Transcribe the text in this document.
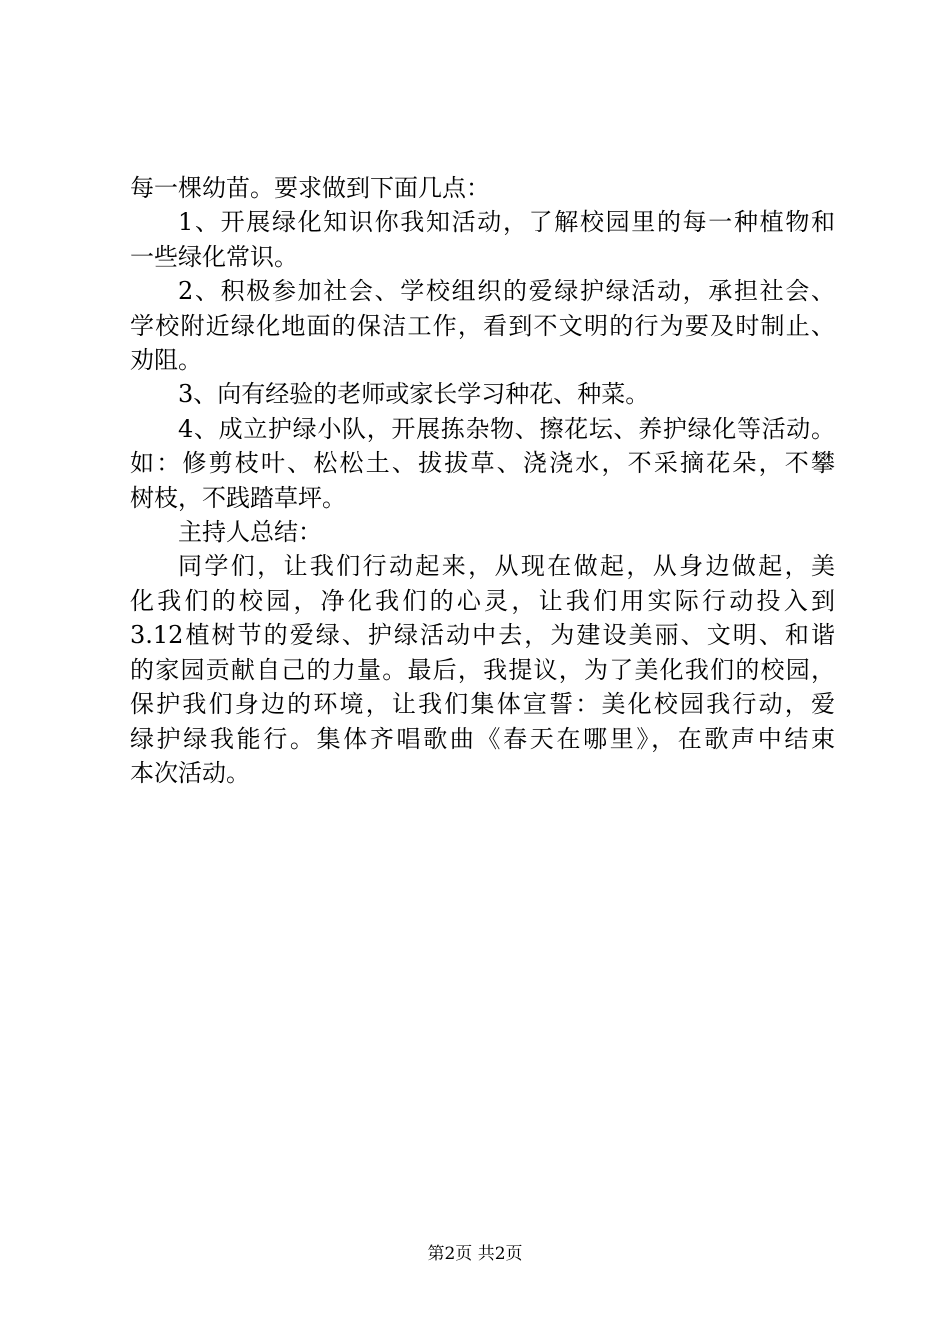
每一棵幼苗。要求做到下面几点：
1、开展绿化知识你我知活动，了解校园里的每一种植物和
一些绿化常识。
2、积极参加社会、学校组织的爱绿护绿活动，承担社会、
学校附近绿化地面的保洁工作，看到不文明的行为要及时制止、
劝阻。
3、向有经验的老师或家长学习种花、种菜。
4、成立护绿小队，开展拣杂物、擦花坛、养护绿化等活动。
如：修剪枝叶、松松土、拔拔草、浇浇水，不采摘花朵，不攀
树枝，不践踏草坪。
主持人总结：
同学们，让我们行动起来，从现在做起，从身边做起，美
化我们的校园，净化我们的心灵，让我们用实际行动投入到
3.12植树节的爱绿、护绿活动中去，为建设美丽、文明、和谐
的家园贡献自己的力量。最后，我提议，为了美化我们的校园，
保护我们身边的环境，让我们集体宣誓：美化校园我行动，爱
绿护绿我能行。集体齐唱歌曲《春天在哪里》，在歌声中结束
本次活动。
第2页 共2页
